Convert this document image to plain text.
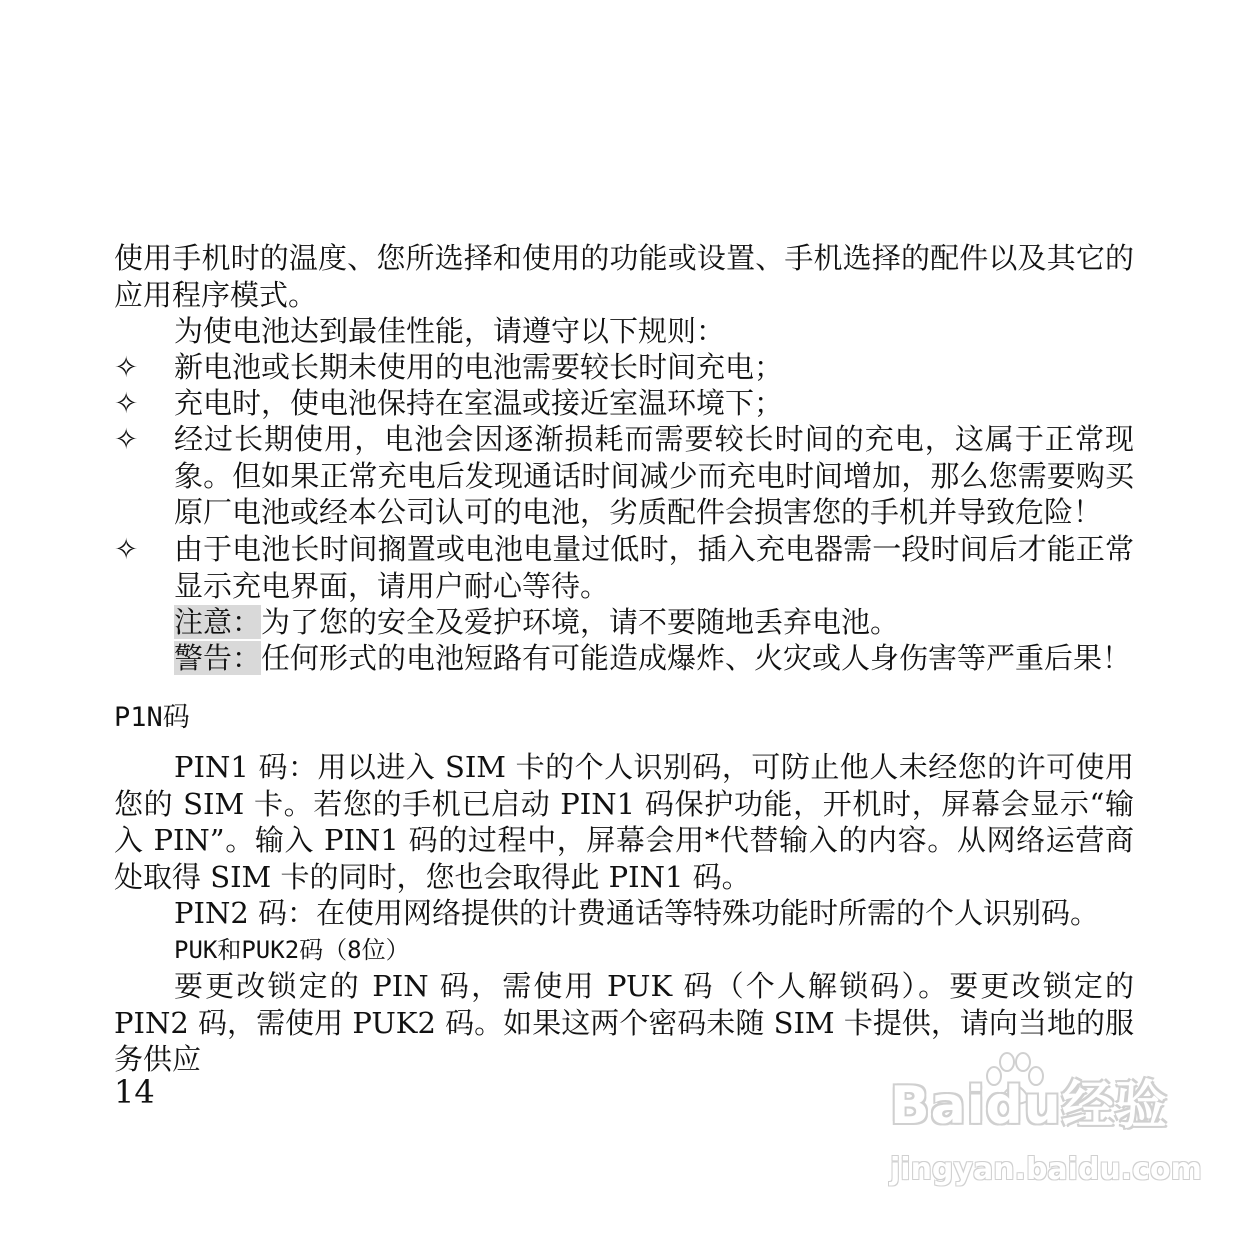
使用手机时的温度、您所选择和使用的功能或设置、手机选择的配件以及其它的应用程序模式。
为使电池达到最佳性能，请遵守以下规则：
✧	新电池或长期未使用的电池需要较长时间充电；
✧	充电时，使电池保持在室温或接近室温环境下；
✧	经过长期使用，电池会因逐渐损耗而需要较长时间的充电，这属于正常现象。但如果正常充电后发现通话时间减少而充电时间增加，那么您需要购买原厂电池或经本公司认可的电池，劣质配件会损害您的手机并导致危险！
✧	由于电池长时间搁置或电池电量过低时，插入充电器需一段时间后才能正常显示充电界面，请用户耐心等待。
注意：为了您的安全及爱护环境，请不要随地丢弃电池。
警告：任何形式的电池短路有可能造成爆炸、火灾或人身伤害等严重后果！
P1N码
PIN1 码：用以进入 SIM 卡的个人识别码，可防止他人未经您的许可使用您的 SIM 卡。若您的手机已启动 PIN1 码保护功能，开机时，屏幕会显示“输入 PIN”。输入 PIN1 码的过程中，屏幕会用*代替输入的内容。从网络运营商处取得 SIM 卡的同时，您也会取得此 PIN1 码。
PIN2 码：在使用网络提供的计费通话等特殊功能时所需的个人识别码。
PUK和PUK2码（8位）
要更改锁定的 PIN 码，需使用 PUK 码（个人解锁码）。要更改锁定的 PIN2 码，需使用 PUK2 码。如果这两个密码未随 SIM 卡提供，请向当地的服务供应
14	Baidu经验
jingyan.baidu.com
